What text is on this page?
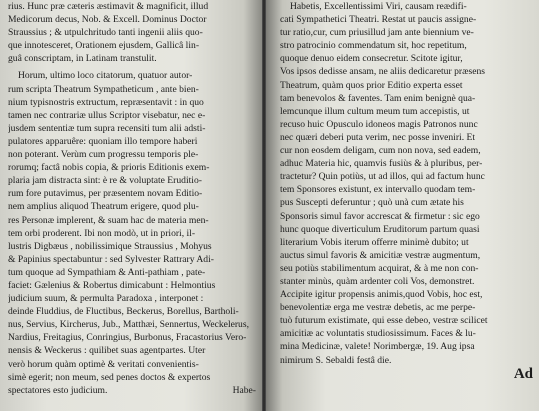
rius. Hunc præ cæteris æstimavit & magnificit, illud
Medicorum decus, Nob. & Excell. Dominus Doctor
Straussius ; & utpulchritudo tanti ingenii aliis quo-
que innotesceret, Orationem ejusdem, Gallicâ lin-
guâ conscriptam, in Latinam transtulit.
Horum, ultimo loco citatorum, quatuor autor-
rum scripta Theatrum Sympatheticum , ante bien-
nium typisnostris extructum, repræsentavit : in quo
tamen nec contrariæ ullus Scriptor visebatur, nec e-
jusdem sententiæ tum supra recensiti tum alii adsti-
pulatores apparuêre: quoniam illo tempore haberi
non poterant. Verùm cum progressu temporis ple-
rorumq; factâ nobis copia, & prioris Editionis exem-
plaria jam distracta sint: è re & voluptate Eruditio-
rum fore putavimus, per præsentem novam Editio-
nem amplius aliquod Theatrum erigere, quod plu-
res Personæ implerent, & suam hac de materia men-
tem orbi proderent. Ibi non modò, ut in priori, il-
lustris Digbæus , nobilissimique Straussius , Mohyus
& Papinius spectabuntur : sed Sylvester Rattrary Adi-
tum quoque ad Sympathiam & Anti-pathiam , pate-
faciet: Gælenius & Robertus dimicabunt : Helmontius
judicium suum, & permulta Paradoxa , interponet :
deinde Fluddius, de Fluctibus, Beckerus, Borellus, Bartholi-
nus, Servius, Kircherus, Jub., Matthæi, Sennertus, Weckelerus,
Nardius, Freitagius, Conringius, Burbonus, Fracastorius Vero-
nensis & Weckerus : quilibet suas agentpartes. Uter
verò horum quàm optimè & veritati convenientis-
simè egerit; non meum, sed penes doctos & expertos
spectatores esto judicium.	Habe-
Habetis, Excellentissimi Viri, causam reædifi-
cati Sympathetici Theatri. Restat ut paucis assigne-
tur ratio,cur, cum priusillud jam ante biennium ve-
stro patrocinio commendatum sit, hoc repetitum,
quoque denuo eidem consecretur. Scitote igitur,
Vos ipsos dedisse ansam, ne aliis dedicaretur præsens
Theatrum, quàm quos prior Editio experta esset
tam benevolos & faventes. Tam enim benignè qua-
lemcunque illum cultum meum tum accepistis, ut
recuso huic Opusculo idoneos magis Patronos nunc
nec quæri deberi puta verim, nec posse inveniri. Et
cur non eosdem deligam, cum non nova, sed eadem,
adhuc Materia hic, quamvis fusiùs & à pluribus, per-
tractetur? Quin potiùs, ut ad illos, qui ad factum hunc
tem Sponsores existunt, ex intervallo quodam tem-
pus Suscepti deferuntur ; quò unà cum ætate his
Sponsoris simul favor accrescat & firmetur : sic ego
hunc quoque diverticulum Eruditorum partum quasi
literarium Vobis iterum offerre minimè dubito; ut
auctus simul favoris & amicitiæ vestræ augmentum,
seu potiùs stabilimentum acquirat, & à me non con-
stanter minùs, quàm ardenter coli Vos, demonstret.
Accipite igitur propensis animis,quod Vobis, hoc est,
benevolentiæ erga me vestræ debetis, ac me perpe-
tuò futurum existimate, qui esse debeo, vestræ scilicet
amicitiæ ac voluntatis studiosissimum. Faces & lu-
mina Medicinæ, valete! Norimbergæ, 19. Aug ipsa
nimirum S. Sebaldi festâ die.
Ad
